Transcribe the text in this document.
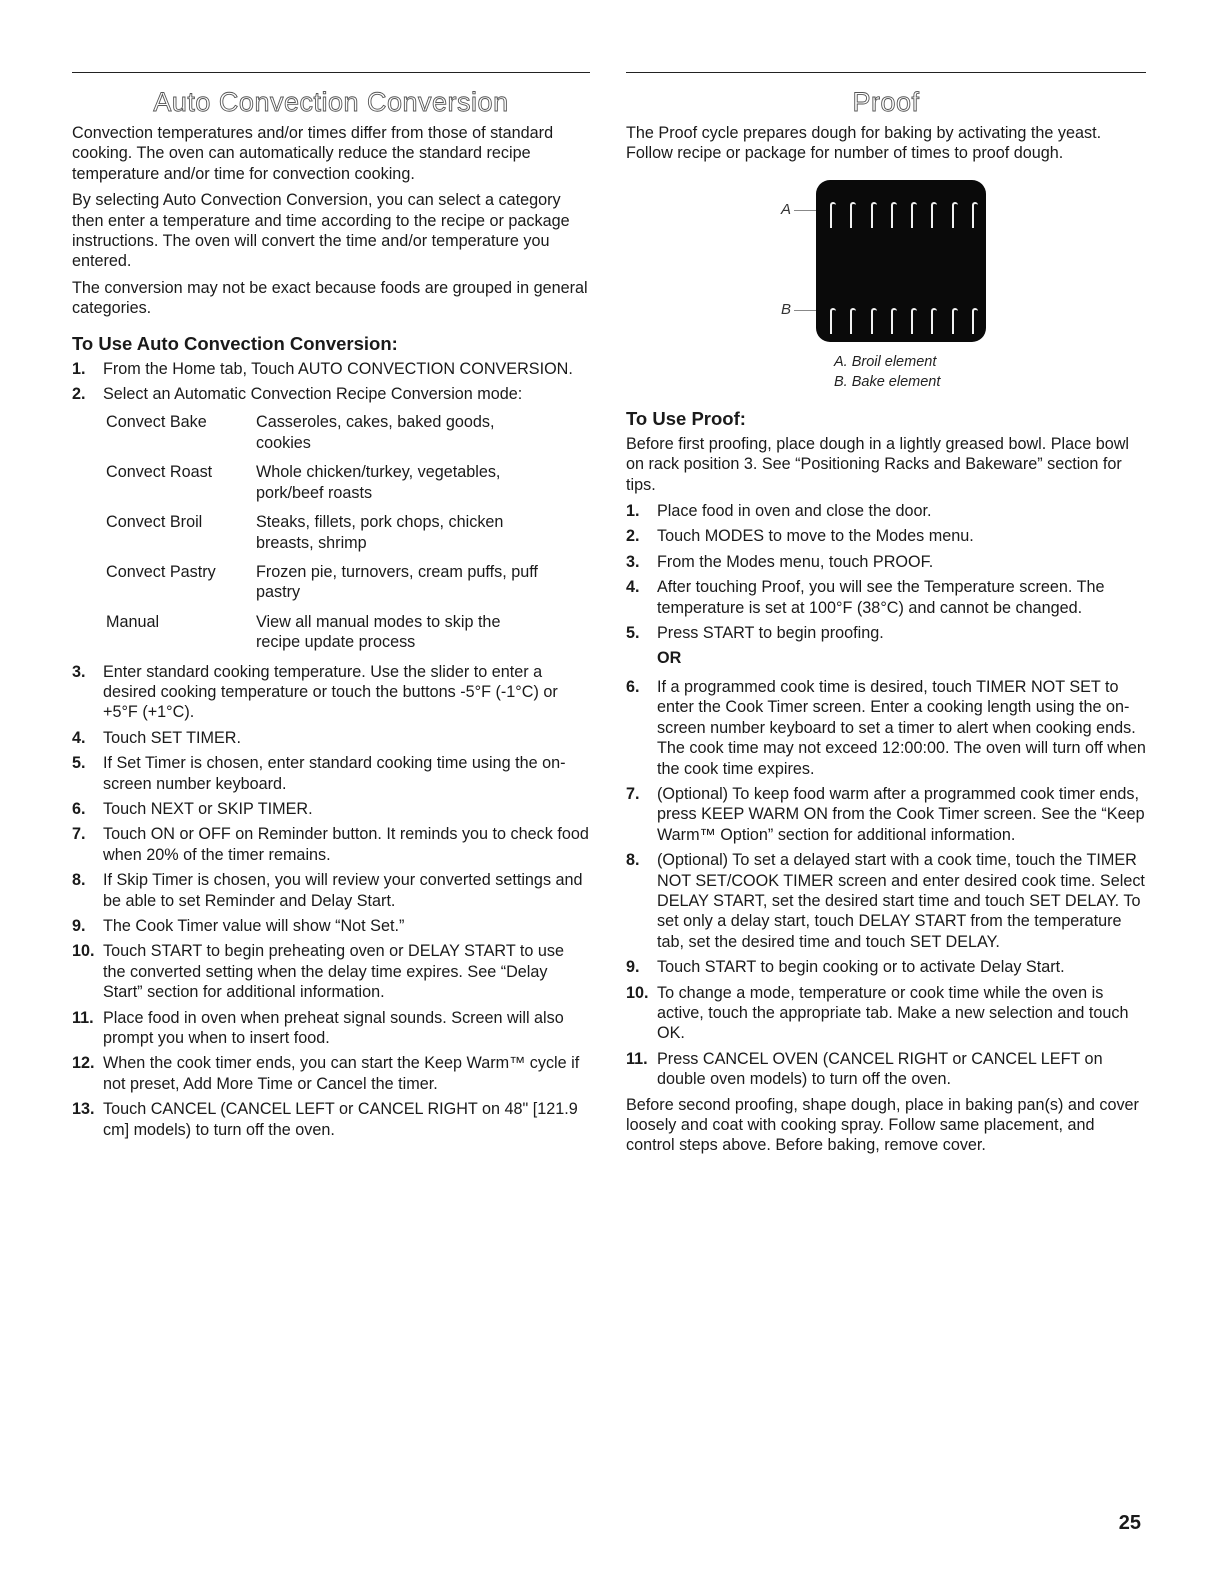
Auto Convection Conversion

Convection temperatures and/or times differ from those of standard cooking. The oven can automatically reduce the standard recipe temperature and/or time for convection cooking.

By selecting Auto Convection Conversion, you can select a category then enter a temperature and time according to the recipe or package instructions. The oven will convert the time and/or temperature you entered.

The conversion may not be exact because foods are grouped in general categories.

To Use Auto Convection Conversion:
1. From the Home tab, Touch AUTO CONVECTION CONVERSION.
2. Select an Automatic Convection Recipe Conversion mode:
Convect Bake	Casseroles, cakes, baked goods, cookies
Convect Roast	Whole chicken/turkey, vegetables, pork/beef roasts
Convect Broil	Steaks, fillets, pork chops, chicken breasts, shrimp
Convect Pastry	Frozen pie, turnovers, cream puffs, puff pastry
Manual	View all manual modes to skip the recipe update process
3. Enter standard cooking temperature. Use the slider to enter a desired cooking temperature or touch the buttons -5°F (-1°C) or +5°F (+1°C).
4. Touch SET TIMER.
5. If Set Timer is chosen, enter standard cooking time using the on-screen number keyboard.
6. Touch NEXT or SKIP TIMER.
7. Touch ON or OFF on Reminder button. It reminds you to check food when 20% of the timer remains.
8. If Skip Timer is chosen, you will review your converted settings and be able to set Reminder and Delay Start.
9. The Cook Timer value will show “Not Set.”
10. Touch START to begin preheating oven or DELAY START to use the converted setting when the delay time expires. See “Delay Start” section for additional information.
11. Place food in oven when preheat signal sounds. Screen will also prompt you when to insert food.
12. When the cook timer ends, you can start the Keep Warm™ cycle if not preset, Add More Time or Cancel the timer.
13. Touch CANCEL (CANCEL LEFT or CANCEL RIGHT on 48" [121.9 cm] models) to turn off the oven.
Proof

The Proof cycle prepares dough for baking by activating the yeast. Follow recipe or package for number of times to proof dough.

A
B
A. Broil element
B. Bake element
To Use Proof:

Before first proofing, place dough in a lightly greased bowl. Place bowl on rack position 3. See “Positioning Racks and Bakeware” section for tips.

1. Place food in oven and close the door.
2. Touch MODES to move to the Modes menu.
3. From the Modes menu, touch PROOF.
4. After touching Proof, you will see the Temperature screen. The temperature is set at 100°F (38°C) and cannot be changed.
5. Press START to begin proofing.
OR
6. If a programmed cook time is desired, touch TIMER NOT SET to enter the Cook Timer screen. Enter a cooking length using the on-screen number keyboard to set a timer to alert when cooking ends. The cook time may not exceed 12:00:00. The oven will turn off when the cook time expires.
7. (Optional) To keep food warm after a programmed cook timer ends, press KEEP WARM ON from the Cook Timer screen. See the “Keep Warm™ Option” section for additional information.
8. (Optional) To set a delayed start with a cook time, touch the TIMER NOT SET/COOK TIMER screen and enter desired cook time. Select DELAY START, set the desired start time and touch SET DELAY. To set only a delay start, touch DELAY START from the temperature tab, set the desired time and touch SET DELAY.
9. Touch START to begin cooking or to activate Delay Start.
10. To change a mode, temperature or cook time while the oven is active, touch the appropriate tab. Make a new selection and touch OK.
11. Press CANCEL OVEN (CANCEL RIGHT or CANCEL LEFT on double oven models) to turn off the oven.

Before second proofing, shape dough, place in baking pan(s) and cover loosely and coat with cooking spray. Follow same placement, and control steps above. Before baking, remove cover.

25
